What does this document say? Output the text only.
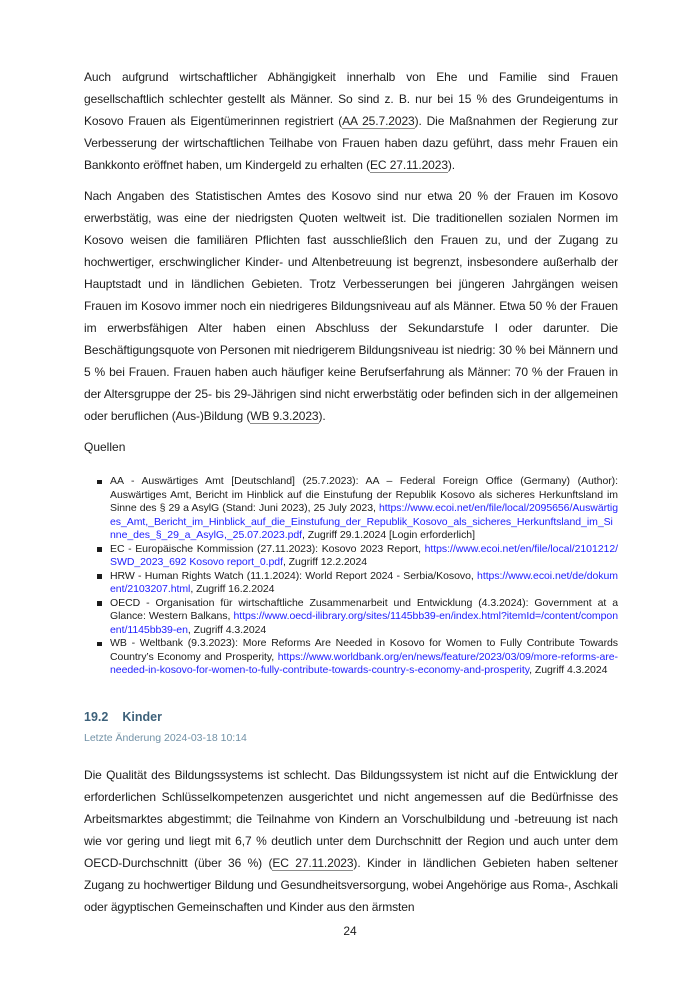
Auch aufgrund wirtschaftlicher Abhängigkeit innerhalb von Ehe und Familie sind Frauen gesellschaftlich schlechter gestellt als Männer. So sind z. B. nur bei 15 % des Grundeigentums in Kosovo Frauen als Eigentümerinnen registriert (AA 25.7.2023). Die Maßnahmen der Regierung zur Verbesserung der wirtschaftlichen Teilhabe von Frauen haben dazu geführt, dass mehr Frauen ein Bankkonto eröffnet haben, um Kindergeld zu erhalten (EC 27.11.2023).

Nach Angaben des Statistischen Amtes des Kosovo sind nur etwa 20 % der Frauen im Kosovo erwerbstätig, was eine der niedrigsten Quoten weltweit ist. Die traditionellen sozialen Normen im Kosovo weisen die familiären Pflichten fast ausschließlich den Frauen zu, und der Zugang zu hochwertiger, erschwinglicher Kinder- und Altenbetreuung ist begrenzt, insbesondere außerhalb der Hauptstadt und in ländlichen Gebieten. Trotz Verbesserungen bei jüngeren Jahrgängen weisen Frauen im Kosovo immer noch ein niedrigeres Bildungsniveau auf als Männer. Etwa 50 % der Frauen im erwerbsfähigen Alter haben einen Abschluss der Sekundarstufe I oder darunter. Die Beschäftigungsquote von Personen mit niedrigerem Bildungsniveau ist niedrig: 30 % bei Männern und 5 % bei Frauen. Frauen haben auch häufiger keine Berufserfahrung als Männer: 70 % der Frauen in der Altersgruppe der 25- bis 29-Jährigen sind nicht erwerbstätig oder befinden sich in der allgemeinen oder beruflichen (Aus-)Bildung (WB 9.3.2023).

Quellen
AA - Auswärtiges Amt [Deutschland] (25.7.2023): AA – Federal Foreign Office (Germany) (Author): Auswärtiges Amt, Bericht im Hinblick auf die Einstufung der Republik Kosovo als sicheres Herkunftsland im Sinne des § 29 a AsylG (Stand: Juni 2023), 25 July 2023, https://www.ecoi.net/en/file/local/2095656/Auswärtiges_Amt,_Bericht_im_Hinblick_auf_die_Einstufung_der_Republik_Kosovo_als_sicheres_Herkunftsland_im_Sinne_des_§_29_a_AsylG,_25.07.2023.pdf, Zugriff 29.1.2024 [Login erforderlich]
EC - Europäische Kommission (27.11.2023): Kosovo 2023 Report, https://www.ecoi.net/en/file/local/2101212/SWD_2023_692 Kosovo report_0.pdf, Zugriff 12.2.2024
HRW - Human Rights Watch (11.1.2024): World Report 2024 - Serbia/Kosovo, https://www.ecoi.net/de/dokument/2103207.html, Zugriff 16.2.2024
OECD - Organisation für wirtschaftliche Zusammenarbeit und Entwicklung (4.3.2024): Government at a Glance: Western Balkans, https://www.oecd-ilibrary.org/sites/1145bb39-en/index.html?itemId=/content/component/1145bb39-en, Zugriff 4.3.2024
WB - Weltbank (9.3.2023): More Reforms Are Needed in Kosovo for Women to Fully Contribute Towards Country’s Economy and Prosperity, https://www.worldbank.org/en/news/feature/2023/03/09/more-reforms-are-needed-in-kosovo-for-women-to-fully-contribute-towards-country-s-economy-and-prosperity, Zugriff 4.3.2024
19.2 Kinder
Letzte Änderung 2024-03-18 10:14

Die Qualität des Bildungssystems ist schlecht. Das Bildungssystem ist nicht auf die Entwicklung der erforderlichen Schlüsselkompetenzen ausgerichtet und nicht angemessen auf die Bedürfnisse des Arbeitsmarktes abgestimmt; die Teilnahme von Kindern an Vorschulbildung und -betreuung ist nach wie vor gering und liegt mit 6,7 % deutlich unter dem Durchschnitt der Region und auch unter dem OECD-Durchschnitt (über 36 %) (EC 27.11.2023). Kinder in ländlichen Gebieten haben seltener Zugang zu hochwertiger Bildung und Gesundheitsversorgung, wobei Angehörige aus Roma-, Aschkali oder ägyptischen Gemeinschaften und Kinder aus den ärmsten

24
